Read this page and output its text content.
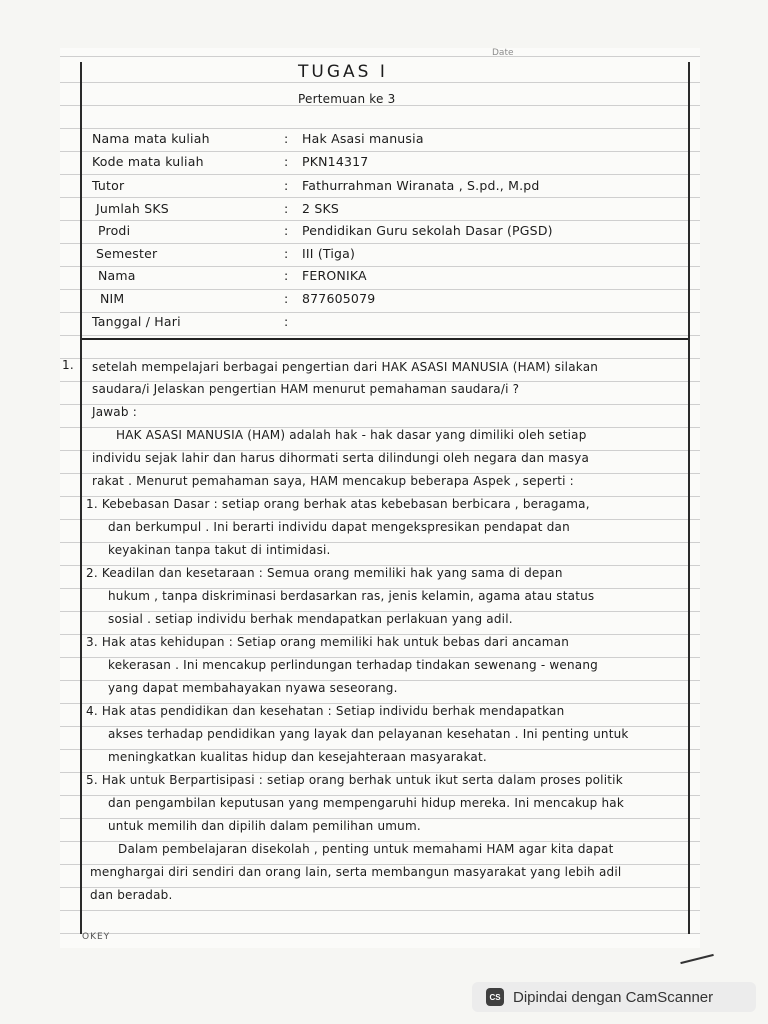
Date
TUGAS I
Pertemuan ke 3
Nama mata kuliah	: Hak Asasi manusia
Kode mata kuliah	: PKN14317
Tutor	: Fathurrahman Wiranata , S.pd., M.pd
Jumlah SKS	: 2 SKS
Prodi	: Pendidikan Guru sekolah Dasar (PGSD)
Semester	: III (Tiga)
Nama	: FERONIKA
NIM	: 877605079
Tanggal / Hari	:
1. setelah mempelajari berbagai pengertian dari HAK ASASI MANUSIA (HAM) silakan
saudara/i Jelaskan pengertian HAM menurut pemahaman saudara/i ?
Jawab :
HAK ASASI MANUSIA (HAM) adalah hak - hak dasar yang dimiliki oleh setiap
individu sejak lahir dan harus dihormati serta dilindungi oleh negara dan masya
rakat . Menurut pemahaman saya, HAM mencakup beberapa Aspek , seperti :
1. Kebebasan Dasar : setiap orang berhak atas kebebasan berbicara , beragama,
dan berkumpul . Ini berarti individu dapat mengekspresikan pendapat dan
keyakinan tanpa takut di intimidasi.
2. Keadilan dan kesetaraan : Semua orang memiliki hak yang sama di depan
hukum , tanpa diskriminasi berdasarkan ras, jenis kelamin, agama atau status
sosial . setiap individu berhak mendapatkan perlakuan yang adil.
3. Hak atas kehidupan : Setiap orang memiliki hak untuk bebas dari ancaman
kekerasan . Ini mencakup perlindungan terhadap tindakan sewenang - wenang
yang dapat membahayakan nyawa seseorang.
4. Hak atas pendidikan dan kesehatan : Setiap individu berhak mendapatkan
akses terhadap pendidikan yang layak dan pelayanan kesehatan . Ini penting untuk
meningkatkan kualitas hidup dan kesejahteraan masyarakat.
5. Hak untuk Berpartisipasi : setiap orang berhak untuk ikut serta dalam proses politik
dan pengambilan keputusan yang mempengaruhi hidup mereka. Ini mencakup hak
untuk memilih dan dipilih dalam pemilihan umum.
Dalam pembelajaran disekolah , penting untuk memahami HAM agar kita dapat
menghargai diri sendiri dan orang lain, serta membangun masyarakat yang lebih adil
dan beradab.
OKEY
CS Dipindai dengan CamScanner
